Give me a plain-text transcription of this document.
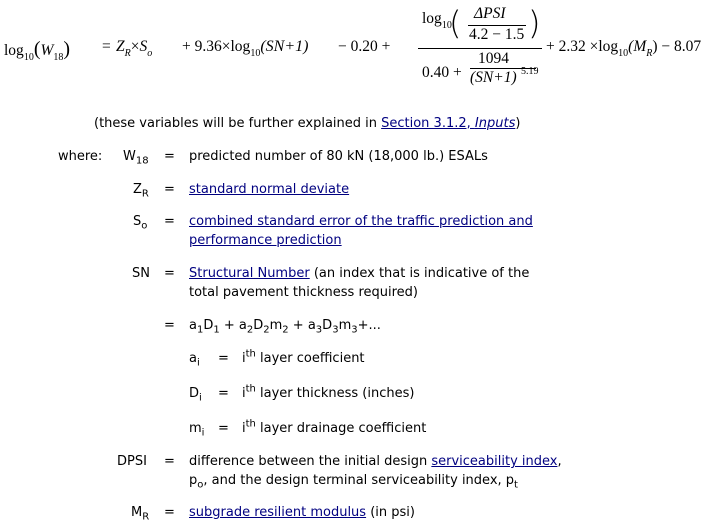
$\log_{10}(W_{18}) = Z_R\times S_o + 9.36\times\log_{10}(SN+1) - 0.20$ +
$\log_{10}$
( ΔPSI
4.2 − 1.5 )
0.40 +
1094
(SN+1) 5.19
+ $2.32 \times\log_{10}(M_R) - 8.07$
(these variables will be further explained in Section 3.1.2, Inputs)
where: $W_{18}$ = predicted number of 80 kN (18,000 lb.) ESALs
$Z_R$ = standard normal deviate
$S_o$ = combined standard error of the traffic prediction and
performance prediction
SN = Structural Number (an index that is indicative of the
total pavement thickness required)
= $a_1D_1 + a_2D_2m_2 + a_3D_3m_3+$...
$a_i = i^{th}$ layer coefficient
$D_i = i^{th}$ layer thickness (inches)
$m_i = i^{th}$ layer drainage coefficient
DPSI = difference between the initial design serviceability index,
$p_o$, and the design terminal serviceability index, $p_t$
$M_R$ = subgrade resilient modulus (in psi)
